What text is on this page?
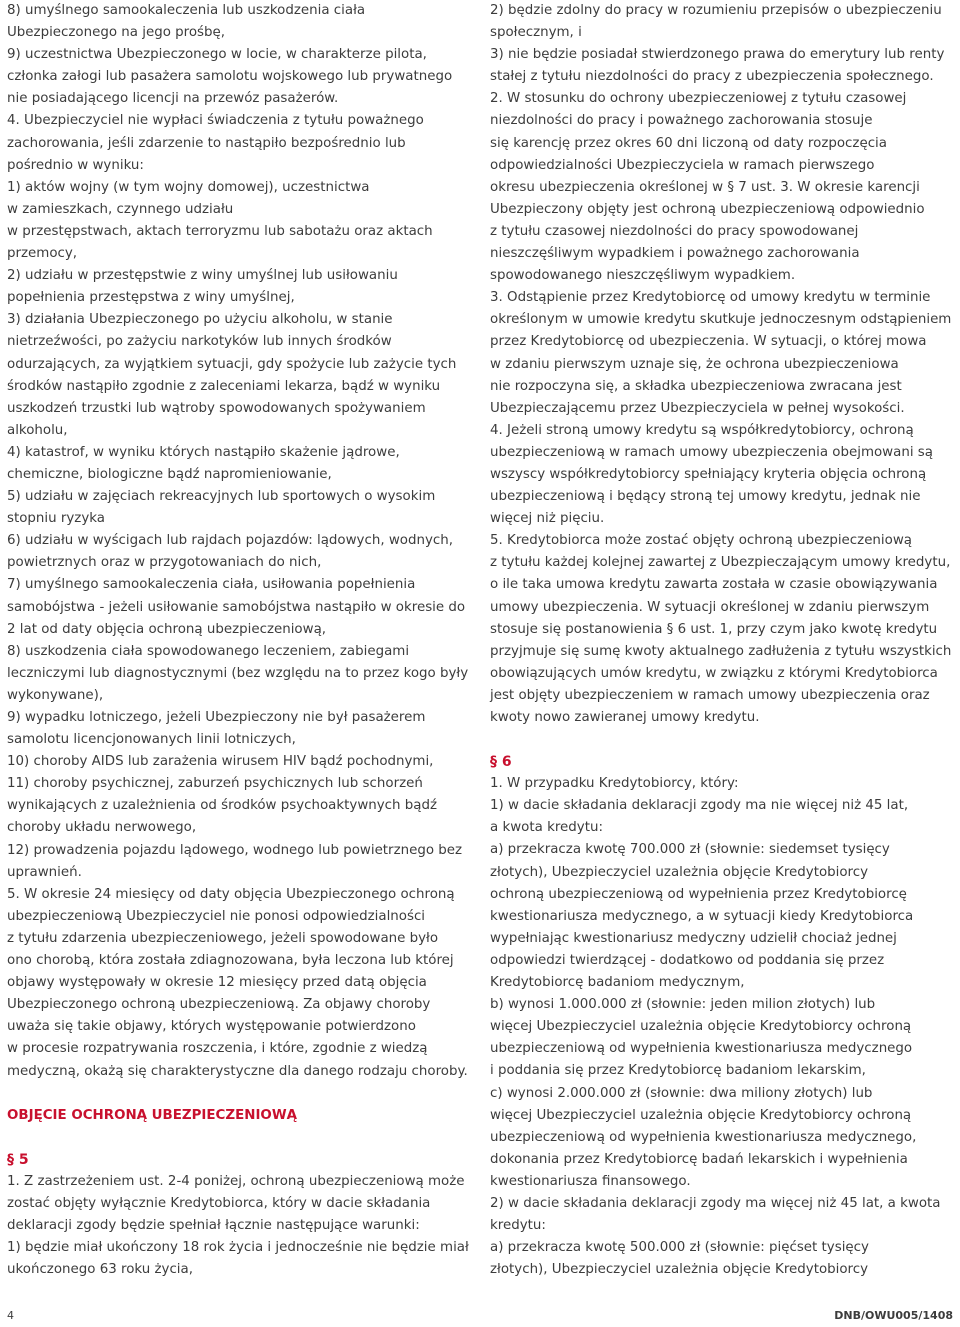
8) umyślnego samookaleczenia lub uszkodzenia ciała

Ubezpieczonego na jego prośbę,

9) uczestnictwa Ubezpieczonego w locie, w charakterze pilota,

członka załogi lub pasażera samolotu wojskowego lub prywatnego

nie posiadającego licencji na przewóz pasażerów.

4. Ubezpieczyciel nie wypłaci świadczenia z tytułu poważnego

zachorowania, jeśli zdarzenie to nastąpiło bezpośrednio lub

pośrednio w wyniku:

1) aktów wojny (w tym wojny domowej), uczestnictwa

w zamieszkach, czynnego udziału

w przestępstwach, aktach terroryzmu lub sabotażu oraz aktach

przemocy,

2) udziału w przestępstwie z winy umyślnej lub usiłowaniu

popełnienia przestępstwa z winy umyślnej,

3) działania Ubezpieczonego po użyciu alkoholu, w stanie

nietrzeźwości, po zażyciu narkotyków lub innych środków

odurzających, za wyjątkiem sytuacji, gdy spożycie lub zażycie tych

środków nastąpiło zgodnie z zaleceniami lekarza, bądź w wyniku

uszkodzeń trzustki lub wątroby spowodowanych spożywaniem

alkoholu,

4) katastrof, w wyniku których nastąpiło skażenie jądrowe,

chemiczne, biologiczne bądź napromieniowanie,

5) udziału w zajęciach rekreacyjnych lub sportowych o wysokim

stopniu ryzyka

6) udziału w wyścigach lub rajdach pojazdów: lądowych, wodnych,

powietrznych oraz w przygotowaniach do nich,

7) umyślnego samookaleczenia ciała, usiłowania popełnienia

samobójstwa - jeżeli usiłowanie samobójstwa nastąpiło w okresie do

2 lat od daty objęcia ochroną ubezpieczeniową,

8) uszkodzenia ciała spowodowanego leczeniem, zabiegami

leczniczymi lub diagnostycznymi (bez względu na to przez kogo były

wykonywane),

9) wypadku lotniczego, jeżeli Ubezpieczony nie był pasażerem

samolotu licencjonowanych linii lotniczych,

10) choroby AIDS lub zarażenia wirusem HIV bądź pochodnymi,

11) choroby psychicznej, zaburzeń psychicznych lub schorzeń

wynikających z uzależnienia od środków psychoaktywnych bądź

choroby układu nerwowego,

12) prowadzenia pojazdu lądowego, wodnego lub powietrznego bez

uprawnień.

5. W okresie 24 miesięcy od daty objęcia Ubezpieczonego ochroną

ubezpieczeniową Ubezpieczyciel nie ponosi odpowiedzialności

z tytułu zdarzenia ubezpieczeniowego, jeżeli spowodowane było

ono chorobą, która została zdiagnozowana, była leczona lub której

objawy występowały w okresie 12 miesięcy przed datą objęcia

Ubezpieczonego ochroną ubezpieczeniową. Za objawy choroby

uważa się takie objawy, których występowanie potwierdzono

w procesie rozpatrywania roszczenia, i które, zgodnie z wiedzą

medyczną, okażą się charakterystyczne dla danego rodzaju choroby.

OBJĘCIE OCHRONĄ UBEZPIECZENIOWĄ

§ 5

1. Z zastrzeżeniem ust. 2-4 poniżej, ochroną ubezpieczeniową może

zostać objęty wyłącznie Kredytobiorca, który w dacie składania

deklaracji zgody będzie spełniał łącznie następujące warunki:

1) będzie miał ukończony 18 rok życia i jednocześnie nie będzie miał

ukończonego 63 roku życia,

2) będzie zdolny do pracy w rozumieniu przepisów o ubezpieczeniu

społecznym, i

3) nie będzie posiadał stwierdzonego prawa do emerytury lub renty

stałej z tytułu niezdolności do pracy z ubezpieczenia społecznego.

2. W stosunku do ochrony ubezpieczeniowej z tytułu czasowej

niezdolności do pracy i poważnego zachorowania stosuje

się karencję przez okres 60 dni liczoną od daty rozpoczęcia

odpowiedzialności Ubezpieczyciela w ramach pierwszego

okresu ubezpieczenia określonej w § 7 ust. 3. W okresie karencji

Ubezpieczony objęty jest ochroną ubezpieczeniową odpowiednio

z tytułu czasowej niezdolności do pracy spowodowanej

nieszczęśliwym wypadkiem i poważnego zachorowania

spowodowanego nieszczęśliwym wypadkiem.

3. Odstąpienie przez Kredytobiorcę od umowy kredytu w terminie

określonym w umowie kredytu skutkuje jednoczesnym odstąpieniem

przez Kredytobiorcę od ubezpieczenia. W sytuacji, o której mowa

w zdaniu pierwszym uznaje się, że ochrona ubezpieczeniowa

nie rozpoczyna się, a składka ubezpieczeniowa zwracana jest

Ubezpieczającemu przez Ubezpieczyciela w pełnej wysokości.

4. Jeżeli stroną umowy kredytu są współkredytobiorcy, ochroną

ubezpieczeniową w ramach umowy ubezpieczenia obejmowani są

wszyscy współkredytobiorcy spełniający kryteria objęcia ochroną

ubezpieczeniową i będący stroną tej umowy kredytu, jednak nie

więcej niż pięciu.

5. Kredytobiorca może zostać objęty ochroną ubezpieczeniową

z tytułu każdej kolejnej zawartej z Ubezpieczającym umowy kredytu,

o ile taka umowa kredytu zawarta została w czasie obowiązywania

umowy ubezpieczenia. W sytuacji określonej w zdaniu pierwszym

stosuje się postanowienia § 6 ust. 1, przy czym jako kwotę kredytu

przyjmuje się sumę kwoty aktualnego zadłużenia z tytułu wszystkich

obowiązujących umów kredytu, w związku z którymi Kredytobiorca

jest objęty ubezpieczeniem w ramach umowy ubezpieczenia oraz

kwoty nowo zawieranej umowy kredytu.

§ 6

1. W przypadku Kredytobiorcy, który:

1) w dacie składania deklaracji zgody ma nie więcej niż 45 lat,

a kwota kredytu:

a) przekracza kwotę 700.000 zł (słownie: siedemset tysięcy

złotych), Ubezpieczyciel uzależnia objęcie Kredytobiorcy

ochroną ubezpieczeniową od wypełnienia przez Kredytobiorcę

kwestionariusza medycznego, a w sytuacji kiedy Kredytobiorca

wypełniając kwestionariusz medyczny udzielił chociaż jednej

odpowiedzi twierdzącej - dodatkowo od poddania się przez

Kredytobiorcę badaniom medycznym,

b) wynosi 1.000.000 zł (słownie: jeden milion złotych) lub

więcej Ubezpieczyciel uzależnia objęcie Kredytobiorcy ochroną

ubezpieczeniową od wypełnienia kwestionariusza medycznego

i poddania się przez Kredytobiorcę badaniom lekarskim,

c) wynosi 2.000.000 zł (słownie: dwa miliony złotych) lub

więcej Ubezpieczyciel uzależnia objęcie Kredytobiorcy ochroną

ubezpieczeniową od wypełnienia kwestionariusza medycznego,

dokonania przez Kredytobiorcę badań lekarskich i wypełnienia

kwestionariusza finansowego.

2) w dacie składania deklaracji zgody ma więcej niż 45 lat, a kwota

kredytu:

a) przekracza kwotę 500.000 zł (słownie: pięćset tysięcy

złotych), Ubezpieczyciel uzależnia objęcie Kredytobiorcy

4	DNB/OWU005/1408
